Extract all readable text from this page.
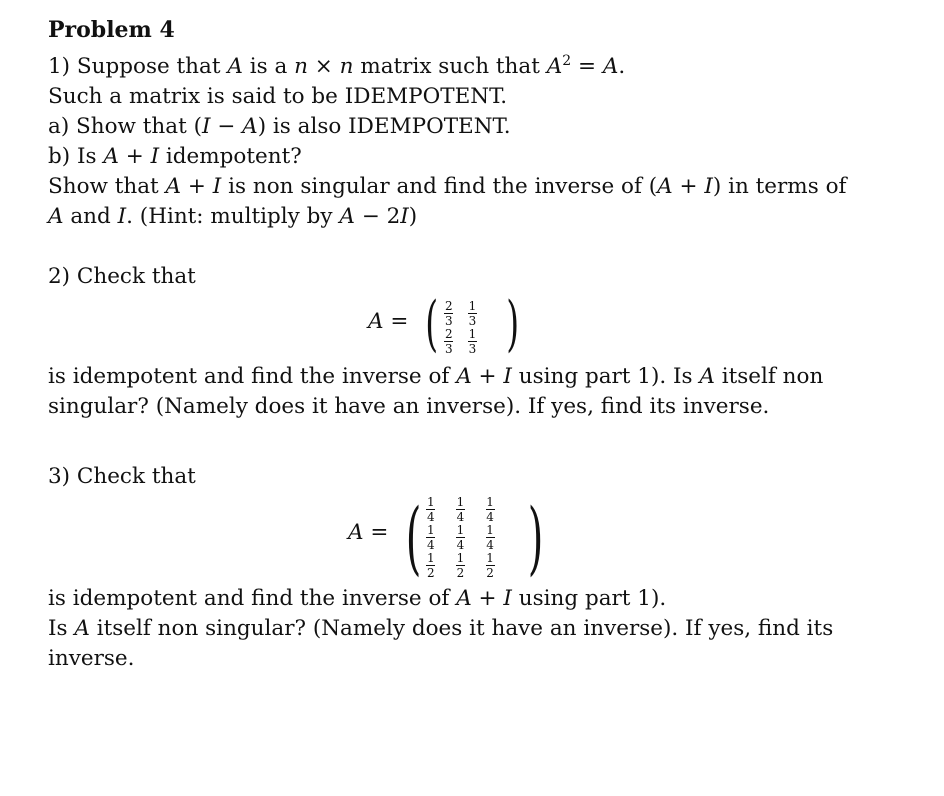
Problem 4
1) Suppose that A is a n × n matrix such that $A^2 = A$.
Such a matrix is said to be IDEMPOTENT.
a) Show that (I − A) is also IDEMPOTENT.
b) Is A + I idempotent?
Show that A + I is non singular and find the inverse of (A + I) in terms of
A and I. (Hint: multiply by A − 2I)
2) Check that
A = ( $\frac{2}{3} \frac{1}{3}$
$\frac{2}{3} \frac{1}{3}$ )
is idempotent and find the inverse of A + I using part 1). Is A itself non
singular? (Namely does it have an inverse). If yes, find its inverse.
3) Check that
A = ( $\frac{1}{4} \frac{1}{4} \frac{1}{4}$
$\frac{1}{4} \frac{1}{4} \frac{1}{4}$
$\frac{1}{2} \frac{1}{2} \frac{1}{2}$ )
is idempotent and find the inverse of A + I using part 1).
Is A itself non singular? (Namely does it have an inverse). If yes, find its
inverse.
